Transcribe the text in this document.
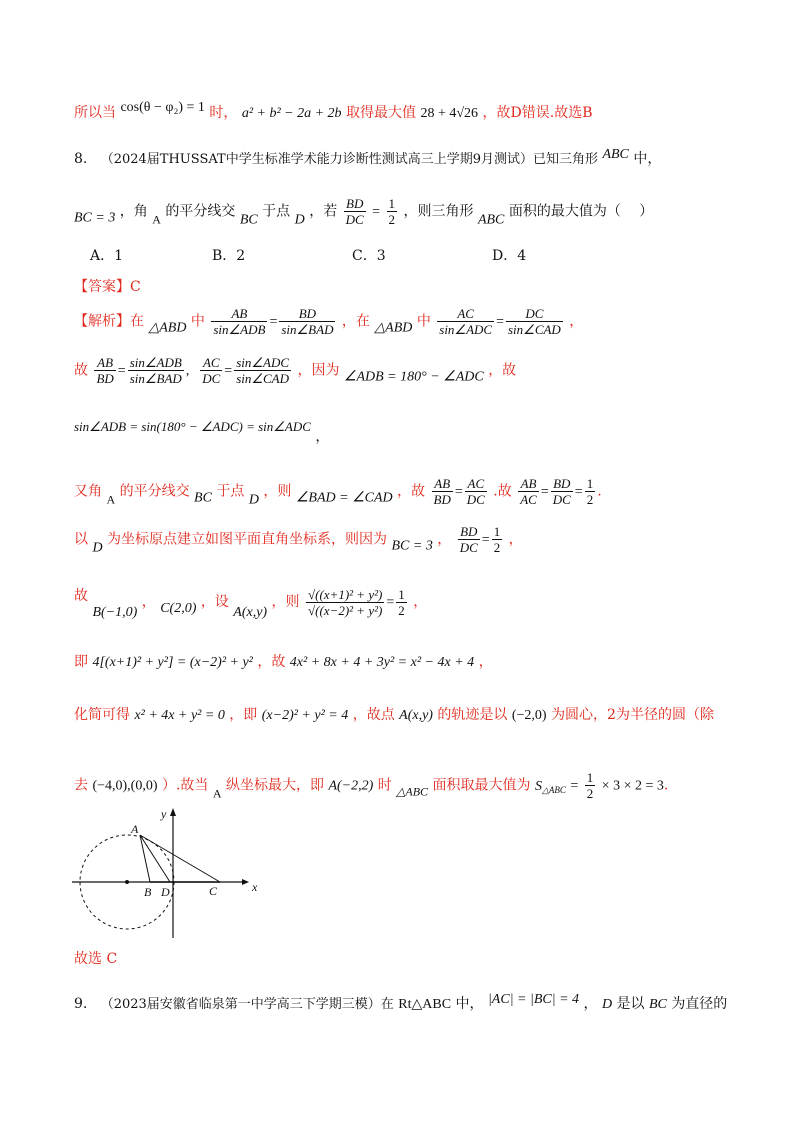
所以当 cos(θ − φ₂) = 1 时， a² + b² − 2a + 2b 取得最大值 28 + 4√26 ，故D错误.故选B
8. （2024届THUSSAT中学生标准学术能力诊断性测试高三上学期9月测试）已知三角形 ABC 中，
BC = 3 ，角 A 的平分线交 BC 于点 D ，若 $\frac{BD}{DC} = \frac{1}{2}$ ，则三角形 ABC 面积的最大值为（　 ）
A．1	B．2	C．3	D．4
【答案】C
【解析】在 △ABD 中 $\frac{AB}{\text{sin∠ADB}} = \frac{BD}{\text{sin∠BAD}}$ ，在 △ABD 中 $\frac{AC}{\text{sin∠ADC}} = \frac{DC}{\text{sin∠CAD}}$ ，
故 $\frac{AB}{BD} = \frac{\text{sin∠ADB}}{\text{sin∠BAD}}$ , $\frac{AC}{DC} = \frac{\text{sin∠ADC}}{\text{sin∠CAD}}$ ，因为 ∠ADB = 180° − ∠ADC ，故
sin∠ADB = sin(180° − ∠ADC) = sin∠ADC ，
又角 A 的平分线交 BC 于点 D ，则 ∠BAD = ∠CAD ，故 $\frac{AB}{BD} = \frac{AC}{DC}$ .故 $\frac{AB}{AC} = \frac{BD}{DC} = \frac{1}{2}$ .
以 D 为坐标原点建立如图平面直角坐标系，则因为 BC = 3 ， $\frac{BD}{DC} = \frac{1}{2}$ ，
故 B(−1,0) ， C(2,0) ，设 A(x,y) ，则 $\frac{\text{√((x+1)² + y²)}}{\text{√((x−2)² + y²)}} = \frac{1}{2}$ ，
即 4[(x+1)² + y²] = (x−2)² + y² ，故 4x² + 8x + 4 + 3y² = x² − 4x + 4 ，
化简可得 x² + 4x + y² = 0 ，即 (x−2)² + y² = 4 ，故点 A(x,y) 的轨迹是以 (−2,0) 为圆心，2为半径的圆（除
去 (−4,0),(0,0) ）.故当 A 纵坐标最大，即 A(−2,2) 时 △ABC 面积取最大值为 $S_{\triangle ABC} = \frac{1}{2} \times 3 \times 2 = 3$.
A
B D	C	x
y
故选 C
9. （2023届安徽省临泉第一中学高三下学期三模）在 Rt△ABC 中， |AC| = |BC| = 4 ， D 是以 BC 为直径的
